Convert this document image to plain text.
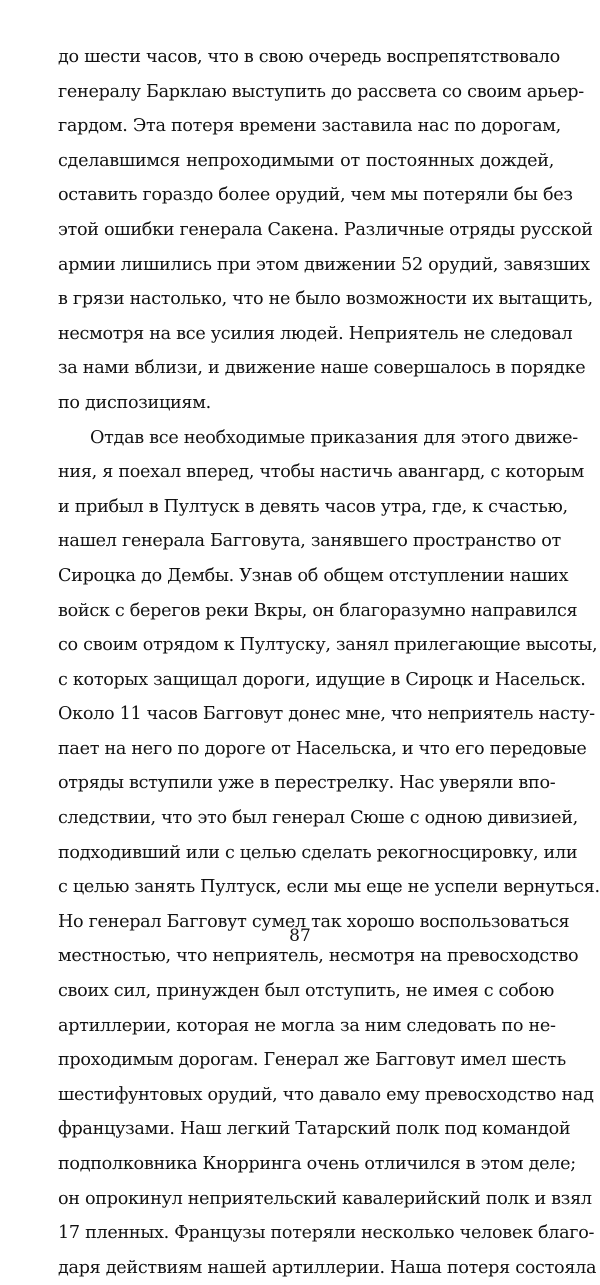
до шести часов, что в свою очередь воспрепятствовало
генералу Барклаю выступить до рассвета со своим арьер-
гардом. Эта потеря времени заставила нас по дорогам,
сделавшимся непроходимыми от постоянных дождей,
оставить гораздо более орудий, чем мы потеряли бы без
этой ошибки генерала Сакена. Различные отряды русской
армии лишились при этом движении 52 орудий, завязших
в грязи настолько, что не было возможности их вытащить,
несмотря на все усилия людей. Неприятель не следовал
за нами вблизи, и движение наше совершалось в порядке
по диспозициям.
Отдав все необходимые приказания для этого движе-
ния, я поехал вперед, чтобы настичь авангард, с которым
и прибыл в Пултуск в девять часов утра, где, к счастью,
нашел генерала Багговута, занявшего пространство от
Сироцка до Дембы. Узнав об общем отступлении наших
войск с берегов реки Вкры, он благоразумно направился
со своим отрядом к Пултуску, занял прилегающие высоты,
с которых защищал дороги, идущие в Сироцк и Насельск.
Около 11 часов Багговут донес мне, что неприятель насту-
пает на него по дороге от Насельска, и что его передовые
отряды вступили уже в перестрелку. Нас уверяли впо-
следствии, что это был генерал Сюше с одною дивизией,
подходивший или с целью сделать рекогносцировку, или
с целью занять Пултуск, если мы еще не успели вернуться.
Но генерал Багговут сумел так хорошо воспользоваться
местностью, что неприятель, несмотря на превосходство
своих сил, принужден был отступить, не имея с собою
артиллерии, которая не могла за ним следовать по не-
проходимым дорогам. Генерал же Багговут имел шесть
шестифунтовых орудий, что давало ему превосходство над
французами. Наш легкий Татарский полк под командой
подполковника Кнорринга очень отличился в этом деле;
он опрокинул неприятельский кавалерийский полк и взял
17 пленных. Французы потеряли несколько человек благо-
даря действиям нашей артиллерии. Наша потеря состояла
87
